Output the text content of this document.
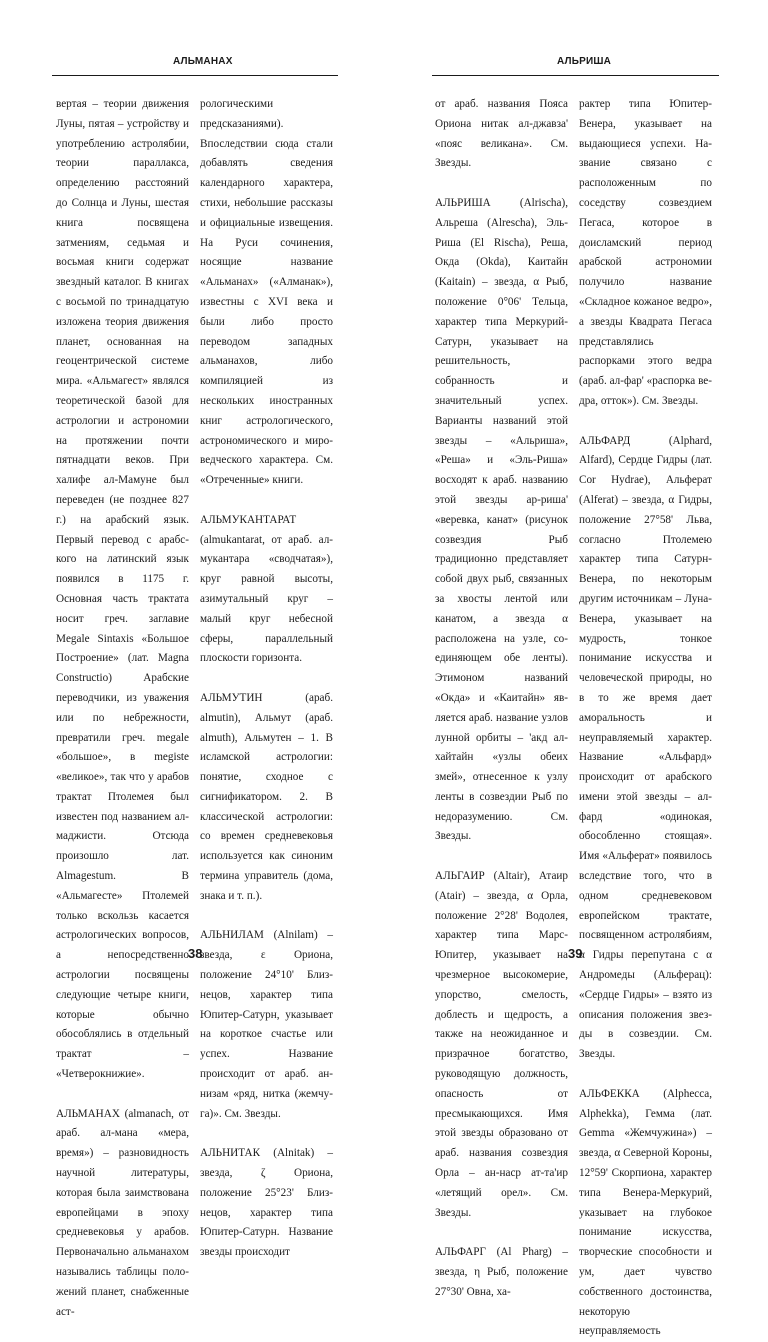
АЛЬМАНАХ

вертая – теории движения Луны, пятая – устройству и употреблению астролябии, теории параллакса, определению расстояний до Солнца и Луны, шестая книга посвящена затмениям, седьмая и восьмая книги содержат звездный каталог. В книгах с восьмой по тринадцатую изложена теория движения планет, основанная на геоцентрической системе мира. «Альмагест» являлся теоретической базой для астрологии и астрономии на протяжении почти пятнадцати веков. При халифе ал-Мамуне был переведен (не позднее 827 г.) на арабский язык. Первый перевод с арабского на латинский язык появился в 1175 г. Основная часть трактата носит греч. заглавие Megale Sintaxis «Большое Построение» (лат. Magna Constructio) Арабские переводчики, из уважения или по небрежности, превратили греч. megale «большое», в megiste «великое», так что у арабов трактат Птолемея был известен под названием ал-маджисти. Отсюда произошло лат. Almagestum. В «Альмагесте» Птолемей только вскользь касается астрологических вопросов, а непосредственно астрологии посвящены следующие четыре книги, которые обычно обособлялись в отдельный трактат – «Четверокнижие».

АЛЬМАНАХ (almanach, от араб. ал-мана «мера, время») – разновидность научной литературы, которая была заимствована европейцами в эпоху средневековья у арабов. Первоначально альманахом назывались таблицы положений планет, снабженные аст-

рологическими предсказаниями). Впоследствии сюда стали добавлять сведения календарного характера, стихи, небольшие рассказы и официальные извещения. На Руси сочинения, носящие название «Альманах» («Алманак»), известны с XVI века и были либо просто переводом западных альманахов, либо компиляцией из нескольких иностранных книг астрологического, астрономического и мироведческого характера. См. «Отреченные» книги.

АЛЬМУКАНТАРАТ (almukantarat, от араб. ал-мукантара «сводчатая»), круг равной высоты, азимутальный круг – малый круг небесной сферы, параллельный плоскости горизонта.

АЛЬМУТИН (араб. almutin), Альмут (араб. almuth), Альмутен – 1. В исламской астрологии: понятие, сходное с сигнификатором. 2. В классической астрологии: со времен средневековья используется как синоним термина управитель (дома, знака и т. п.).

АЛЬНИЛАМ (Alnilam) – звезда, ε Ориона, положение 24°10' Близнецов, характер типа Юпитер-Сатурн, указывает на короткое счастье или успех. Название происходит от араб. ан-низам «ряд, нитка (жемчуга)». См. Звезды.

АЛЬНИТАК (Alnitak) – звезда, ζ Ориона, положение 25°23' Близнецов, характер типа Юпитер-Сатурн. Название звезды происходит

38
АЛЬРИША

от араб. названия Пояса Ориона нитак ал-джавза' «пояс великана». См. Звезды.

АЛЬРИША (Alrischa), Альреша (Alrescha), Эль-Риша (El Rischa), Реша, Окда (Okda), Каитайн (Kaitain) – звезда, α Рыб, положение 0°06' Тельца, характер типа Меркурий-Сатурн, указывает на решительность, собранность и значительный успех. Варианты названий этой звезды – «Альриша», «Реша» и «Эль-Риша» восходят к араб. названию этой звезды ар-риша' «веревка, канат» (рисунок созвездия Рыб традиционно представляет собой двух рыб, связанных за хвосты лентой или канатом, а звезда α расположена на узле, соединяющем обе ленты). Этимоном названий «Окда» и «Каитайн» является араб. название узлов лунной орбиты – 'акд ал-хайтайн «узлы обеих змей», отнесенное к узлу ленты в созвездии Рыб по недоразумению. См. Звезды.

АЛЬГАИР (Altair), Атаир (Atair) – звезда, α Орла, положение 2°28' Водолея, характер типа Марс-Юпитер, указывает на чрезмерное высокомерие, упорство, смелость, доблесть и щедрость, а также на неожиданное и призрачное богатство, руководящую должность, опасность от пресмыкающихся. Имя этой звезды образовано от араб. названия созвездия Орла – ан-наср ат-та'ир «летящий орел». См. Звезды.

АЛЬФАРГ (Al Pharg) – звезда, η Рыб, положение 27°30' Овна, ха-

рактер типа Юпитер-Венера, указывает на выдающиеся успехи. Название связано с расположенным по соседству созвездием Пегаса, которое в доисламский период арабской астрономии получило название «Складное кожаное ведро», а звезды Квадрата Пегаса представлялись распорками этого ведра (араб. ал-фар' «распорка ведра, отток»). См. Звезды.

АЛЬФАРД (Alphard, Alfard), Сердце Гидры (лат. Cor Hydrae), Альферат (Alferat) – звезда, α Гидры, положение 27°58' Льва, согласно Птолемею характер типа Сатурн-Венера, по некоторым другим источникам – Луна-Венера, указывает на мудрость, тонкое понимание искусства и человеческой природы, но в то же время дает аморальность и неуправляемый характер. Название «Альфард» происходит от арабского имени этой звезды – ал-фард «одинокая, обособленно стоящая». Имя «Альферат» появилось вследствие того, что в одном средневековом европейском трактате, посвященном астролябиям, α Гидры перепутана с α Андромеды (Альферац): «Сердце Гидры» – взято из описания положения звезды в созвездии. См. Звезды.

АЛЬФЕККА (Alphecca, Alphekka), Гемма (лат. Gemma «Жемчужина») – звезда, α Северной Короны, 12°59' Скорпиона, характер типа Венера-Меркурий, указывает на глубокое понимание искусства, творческие способности и ум, дает чувство собственного достоинства, некоторую неуправляемость

39
